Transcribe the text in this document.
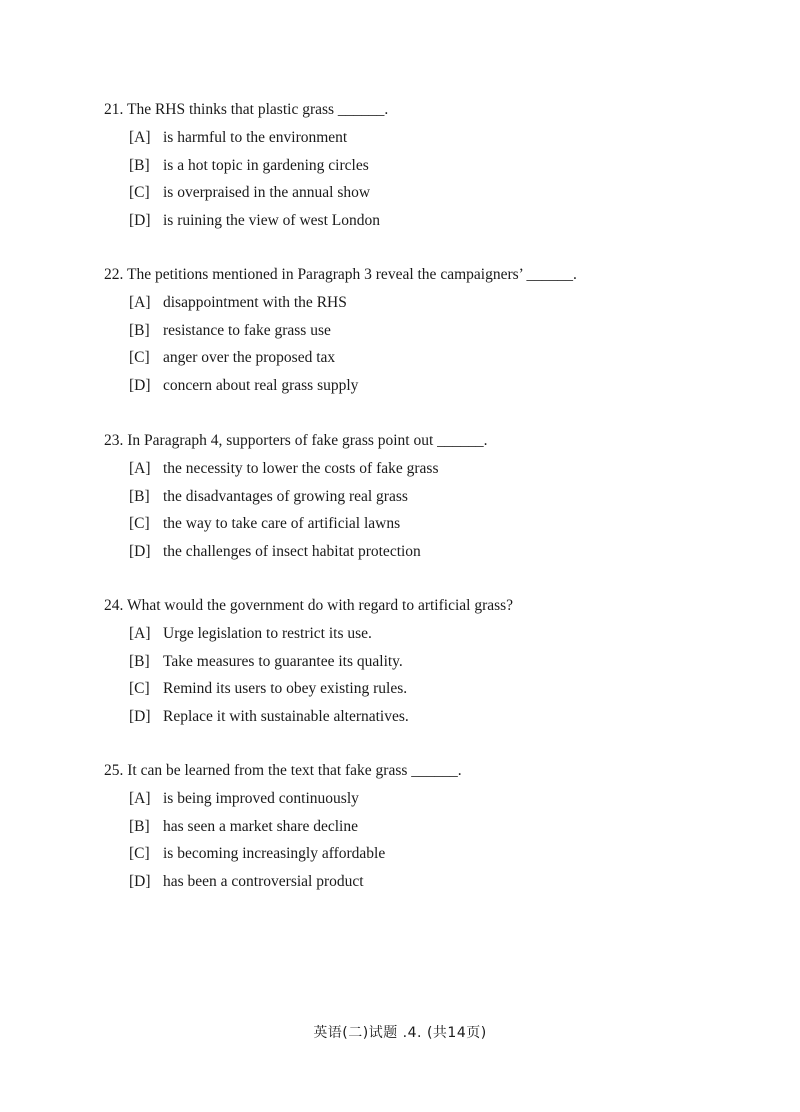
21. The RHS thinks that plastic grass ______.
[A] is harmful to the environment
[B] is a hot topic in gardening circles
[C] is overpraised in the annual show
[D] is ruining the view of west London
22. The petitions mentioned in Paragraph 3 reveal the campaigners’ ______.
[A] disappointment with the RHS
[B] resistance to fake grass use
[C] anger over the proposed tax
[D] concern about real grass supply
23. In Paragraph 4, supporters of fake grass point out ______.
[A] the necessity to lower the costs of fake grass
[B] the disadvantages of growing real grass
[C] the way to take care of artificial lawns
[D] the challenges of insect habitat protection
24. What would the government do with regard to artificial grass?
[A] Urge legislation to restrict its use.
[B] Take measures to guarantee its quality.
[C] Remind its users to obey existing rules.
[D] Replace it with sustainable alternatives.
25. It can be learned from the text that fake grass ______.
[A] is being improved continuously
[B] has seen a market share decline
[C] is becoming increasingly affordable
[D] has been a controversial product
英语(二)试题 .4. (共14页)
